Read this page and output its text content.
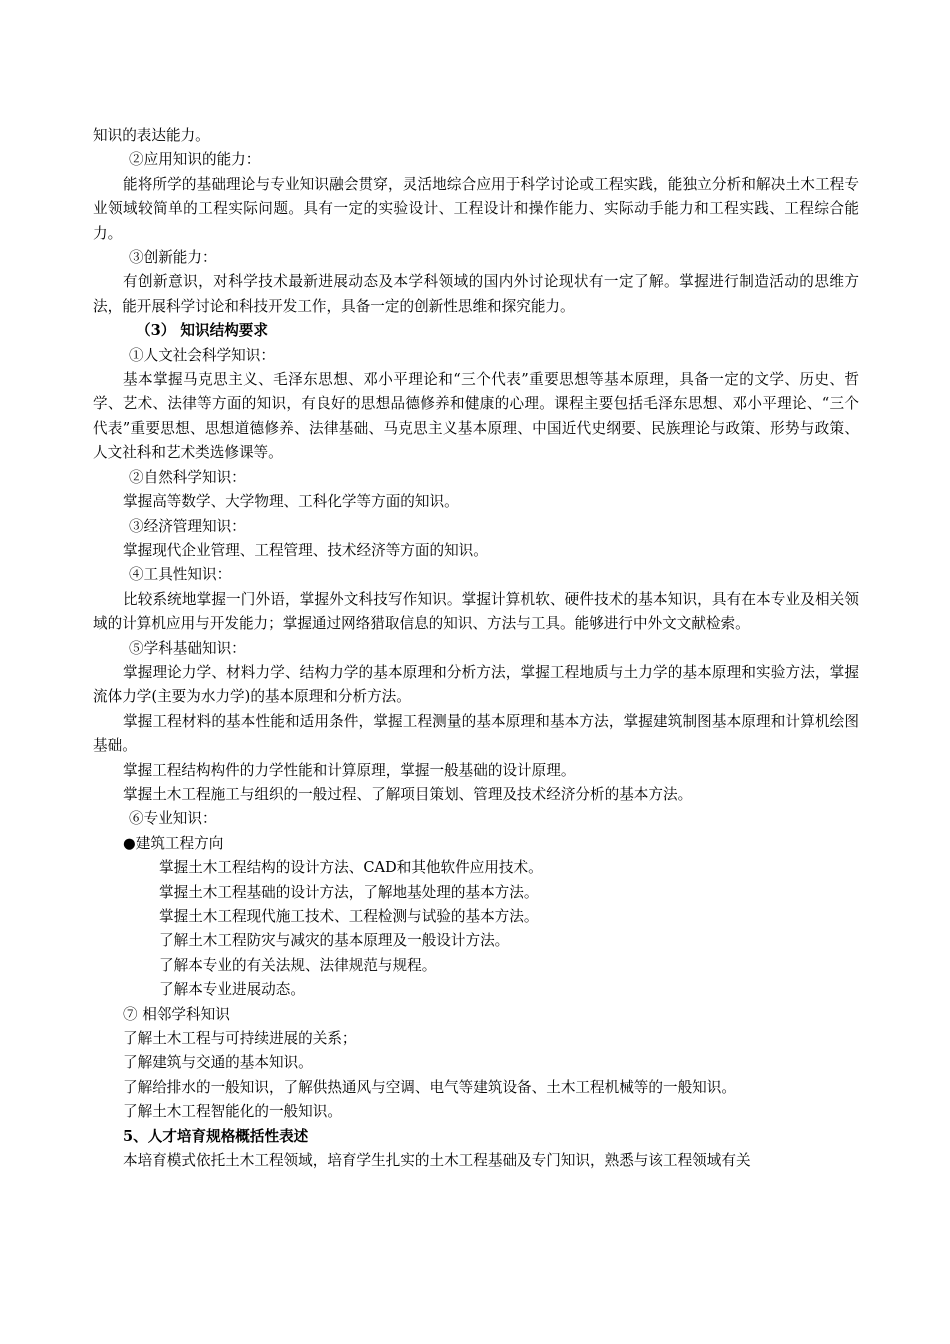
知识的表达能力。

②应用知识的能力：

能将所学的基础理论与专业知识融会贯穿，灵活地综合应用于科学讨论或工程实践，能独立分析和解决土木工程专业领域较简单的工程实际问题。具有一定的实验设计、工程设计和操作能力、实际动手能力和工程实践、工程综合能力。

③创新能力：

有创新意识，对科学技术最新进展动态及本学科领域的国内外讨论现状有一定了解。掌握进行制造活动的思维方法，能开展科学讨论和科技开发工作，具备一定的创新性思维和探究能力。

（3） 知识结构要求

①人文社会科学知识：

基本掌握马克思主义、毛泽东思想、邓小平理论和“三个代表”重要思想等基本原理，具备一定的文学、历史、哲学、艺术、法律等方面的知识，有良好的思想品德修养和健康的心理。课程主要包括毛泽东思想、邓小平理论、“三个代表”重要思想、思想道德修养、法律基础、马克思主义基本原理、中国近代史纲要、民族理论与政策、形势与政策、人文社科和艺术类选修课等。

②自然科学知识：

掌握高等数学、大学物理、工科化学等方面的知识。

③经济管理知识：

掌握现代企业管理、工程管理、技术经济等方面的知识。

④工具性知识：

比较系统地掌握一门外语，掌握外文科技写作知识。掌握计算机软、硬件技术的基本知识，具有在本专业及相关领域的计算机应用与开发能力；掌握通过网络猎取信息的知识、方法与工具。能够进行中外文文献检索。

⑤学科基础知识：

掌握理论力学、材料力学、结构力学的基本原理和分析方法，掌握工程地质与土力学的基本原理和实验方法，掌握流体力学(主要为水力学)的基本原理和分析方法。

掌握工程材料的基本性能和适用条件，掌握工程测量的基本原理和基本方法，掌握建筑制图基本原理和计算机绘图基础。

掌握工程结构构件的力学性能和计算原理，掌握一般基础的设计原理。

掌握土木工程施工与组织的一般过程、了解项目策划、管理及技术经济分析的基本方法。

⑥专业知识：

●建筑工程方向

掌握土木工程结构的设计方法、CAD和其他软件应用技术。

掌握土木工程基础的设计方法，了解地基处理的基本方法。

掌握土木工程现代施工技术、工程检测与试验的基本方法。

了解土木工程防灾与减灾的基本原理及一般设计方法。

了解本专业的有关法规、法律规范与规程。

了解本专业进展动态。

⑦ 相邻学科知识

了解土木工程与可持续进展的关系；

了解建筑与交通的基本知识。

了解给排水的一般知识，了解供热通风与空调、电气等建筑设备、土木工程机械等的一般知识。

了解土木工程智能化的一般知识。

5、人才培育规格概括性表述

本培育模式依托土木工程领域，培育学生扎实的土木工程基础及专门知识，熟悉与该工程领域有关
